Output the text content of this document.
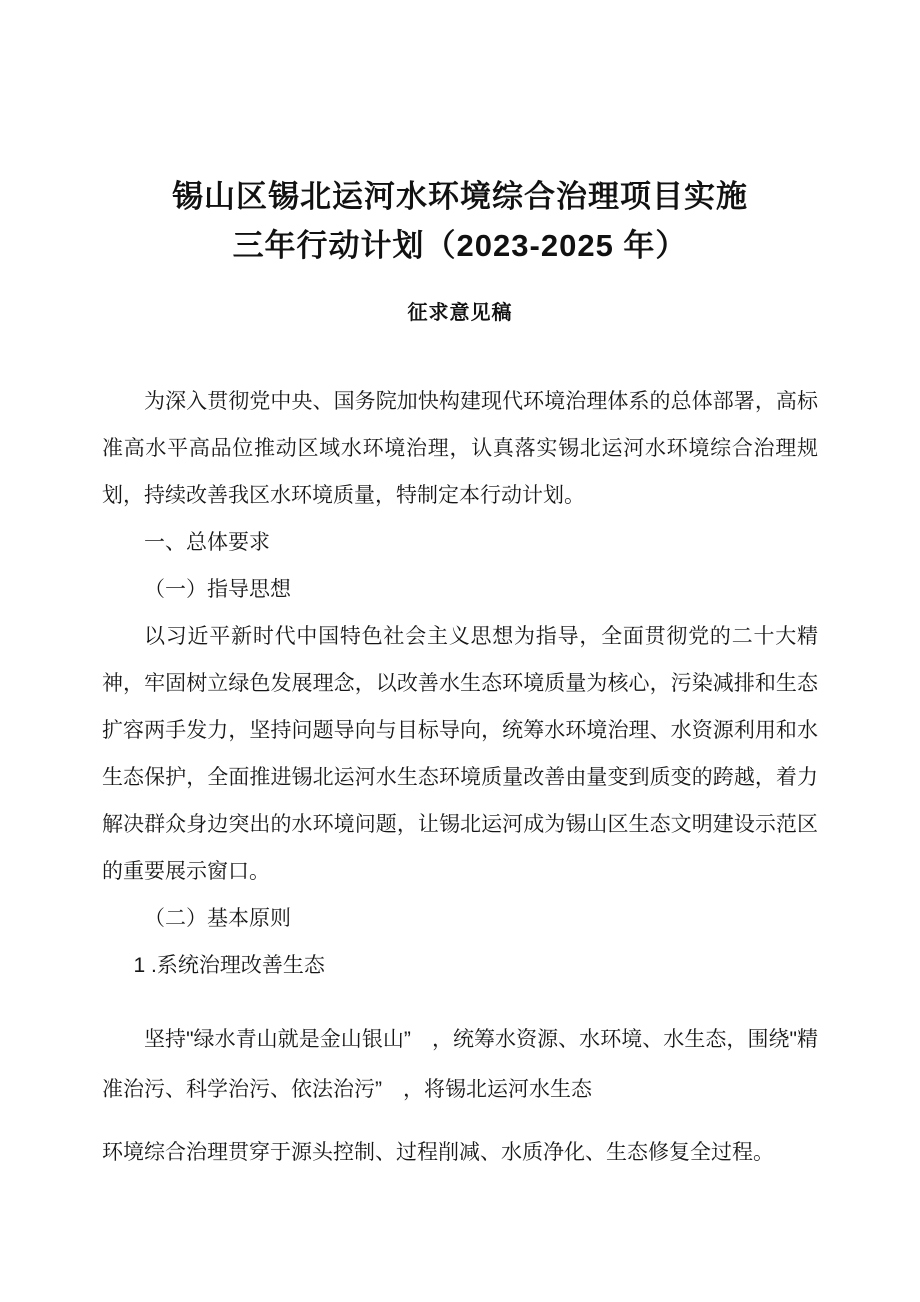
锡山区锡北运河水环境综合治理项目实施
三年行动计划（2023-2025 年）
征求意见稿

为深入贯彻党中央、国务院加快构建现代环境治理体系的总体部署，高标准高水平高品位推动区域水环境治理，认真落实锡北运河水环境综合治理规划，持续改善我区水环境质量，特制定本行动计划。

一、总体要求

（一）指导思想

以习近平新时代中国特色社会主义思想为指导，全面贯彻党的二十大精神，牢固树立绿色发展理念，以改善水生态环境质量为核心，污染减排和生态扩容两手发力，坚持问题导向与目标导向，统筹水环境治理、水资源利用和水生态保护，全面推进锡北运河水生态环境质量改善由量变到质变的跨越，着力解决群众身边突出的水环境问题，让锡北运河成为锡山区生态文明建设示范区的重要展示窗口。

（二）基本原则

1 .系统治理改善生态

坚持"绿水青山就是金山银山”　，统筹水资源、水环境、水生态，围绕"精准治污、科学治污、依法治污”　，将锡北运河水生态

环境综合治理贯穿于源头控制、过程削减、水质净化、生态修复全过程。
